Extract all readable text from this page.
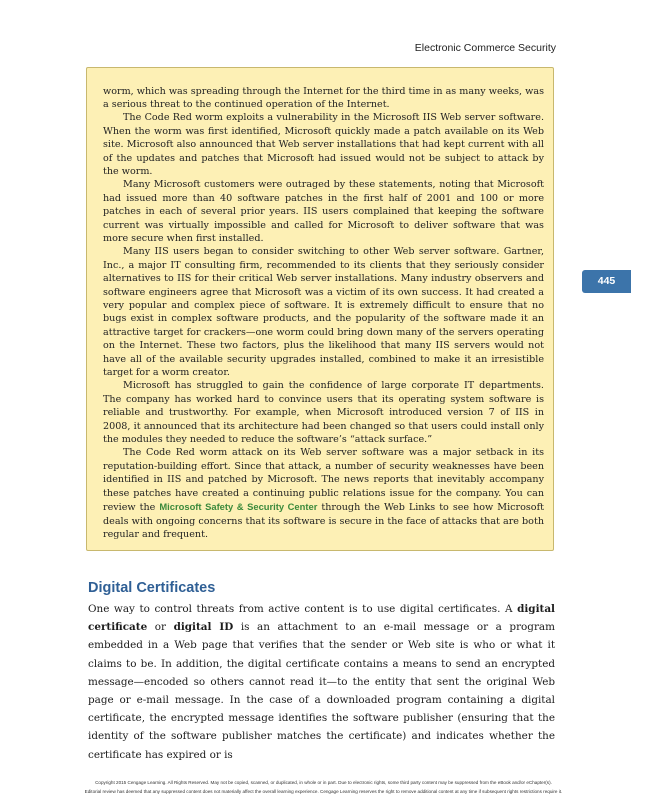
Electronic Commerce Security

worm, which was spreading through the Internet for the third time in as many weeks, was a serious threat to the continued operation of the Internet.

The Code Red worm exploits a vulnerability in the Microsoft IIS Web server software. When the worm was first identified, Microsoft quickly made a patch available on its Web site. Microsoft also announced that Web server installations that had kept current with all of the updates and patches that Microsoft had issued would not be subject to attack by the worm.

Many Microsoft customers were outraged by these statements, noting that Microsoft had issued more than 40 software patches in the first half of 2001 and 100 or more patches in each of several prior years. IIS users complained that keeping the software current was virtually impossible and called for Microsoft to deliver software that was more secure when first installed.

Many IIS users began to consider switching to other Web server software. Gartner, Inc., a major IT consulting firm, recommended to its clients that they seriously consider alternatives to IIS for their critical Web server installations. Many industry observers and software engineers agree that Microsoft was a victim of its own success. It had created a very popular and complex piece of software. It is extremely difficult to ensure that no bugs exist in complex software products, and the popularity of the software made it an attractive target for crackers—one worm could bring down many of the servers operating on the Internet. These two factors, plus the likelihood that many IIS servers would not have all of the available security upgrades installed, combined to make it an irresistible target for a worm creator.

Microsoft has struggled to gain the confidence of large corporate IT departments. The company has worked hard to convince users that its operating system software is reliable and trustworthy. For example, when Microsoft introduced version 7 of IIS in 2008, it announced that its architecture had been changed so that users could install only the modules they needed to reduce the software’s “attack surface.”

The Code Red worm attack on its Web server software was a major setback in its reputation-building effort. Since that attack, a number of security weaknesses have been identified in IIS and patched by Microsoft. The news reports that inevitably accompany these patches have created a continuing public relations issue for the company. You can review the Microsoft Safety & Security Center through the Web Links to see how Microsoft deals with ongoing concerns that its software is secure in the face of attacks that are both regular and frequent.

445
Digital Certificates

One way to control threats from active content is to use digital certificates. A digital certificate or digital ID is an attachment to an e-mail message or a program embedded in a Web page that verifies that the sender or Web site is who or what it claims to be. In addition, the digital certificate contains a means to send an encrypted message—encoded so others cannot read it—to the entity that sent the original Web page or e-mail message. In the case of a downloaded program containing a digital certificate, the encrypted message identifies the software publisher (ensuring that the identity of the software publisher matches the certificate) and indicates whether the certificate has expired or is

Copyright 2015 Cengage Learning. All Rights Reserved. May not be copied, scanned, or duplicated, in whole or in part. Due to electronic rights, some third party content may be suppressed from the eBook and/or eChapter(s).
Editorial review has deemed that any suppressed content does not materially affect the overall learning experience. Cengage Learning reserves the right to remove additional content at any time if subsequent rights restrictions require it.
